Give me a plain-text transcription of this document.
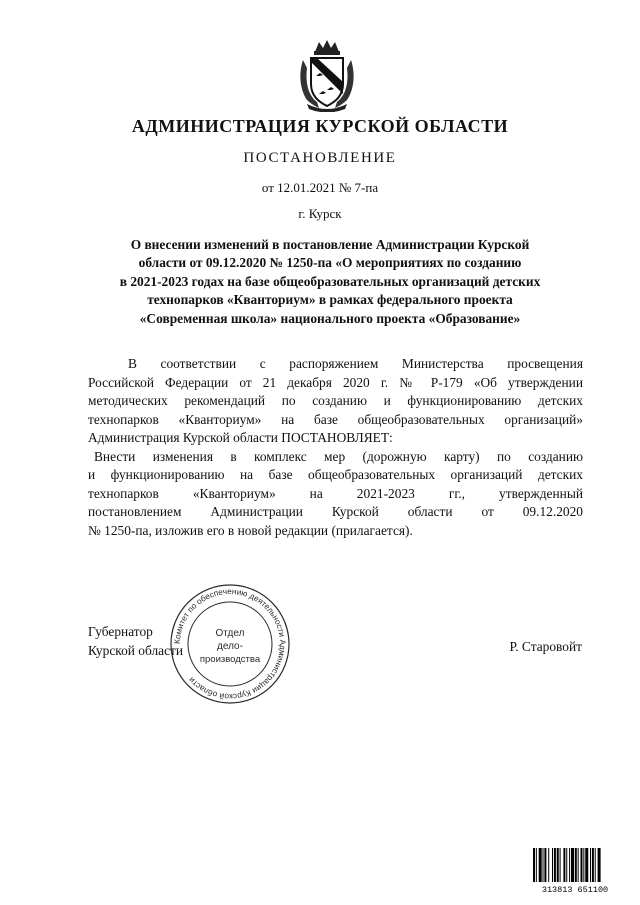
АДМИНИСТРАЦИЯ КУРСКОЙ ОБЛАСТИ
ПОСТАНОВЛЕНИЕ
от 12.01.2021 № 7-па
г. Курск
О внесении изменений в постановление Администрации Курской
области от 09.12.2020 № 1250-па «О мероприятиях по созданию
в 2021-2023 годах на базе общеобразовательных организаций детских
технопарков «Кванториум» в рамках федерального проекта
«Современная школа» национального проекта «Образование»
В соответствии с распоряжением Министерства просвещения
Российской Федерации от 21 декабря 2020 г. № Р-179 «Об утверждении
методических рекомендаций по созданию и функционированию детских
технопарков «Кванториум» на базе общеобразовательных организаций»
Администрация Курской области ПОСТАНОВЛЯЕТ:
Внести изменения в комплекс мер (дорожную карту) по созданию
и функционированию на базе общеобразовательных организаций детских
технопарков «Кванториум» на 2021-2023 гг., утвержденный
постановлением Администрации Курской области от 09.12.2020
№ 1250-па, изложив его в новой редакции (прилагается).
Губернатор
Курской области	Р. Старовойт
Комитет по обеспечению деятельности Администрации Курской области
Отдел
дело-
производства
313813 651100
